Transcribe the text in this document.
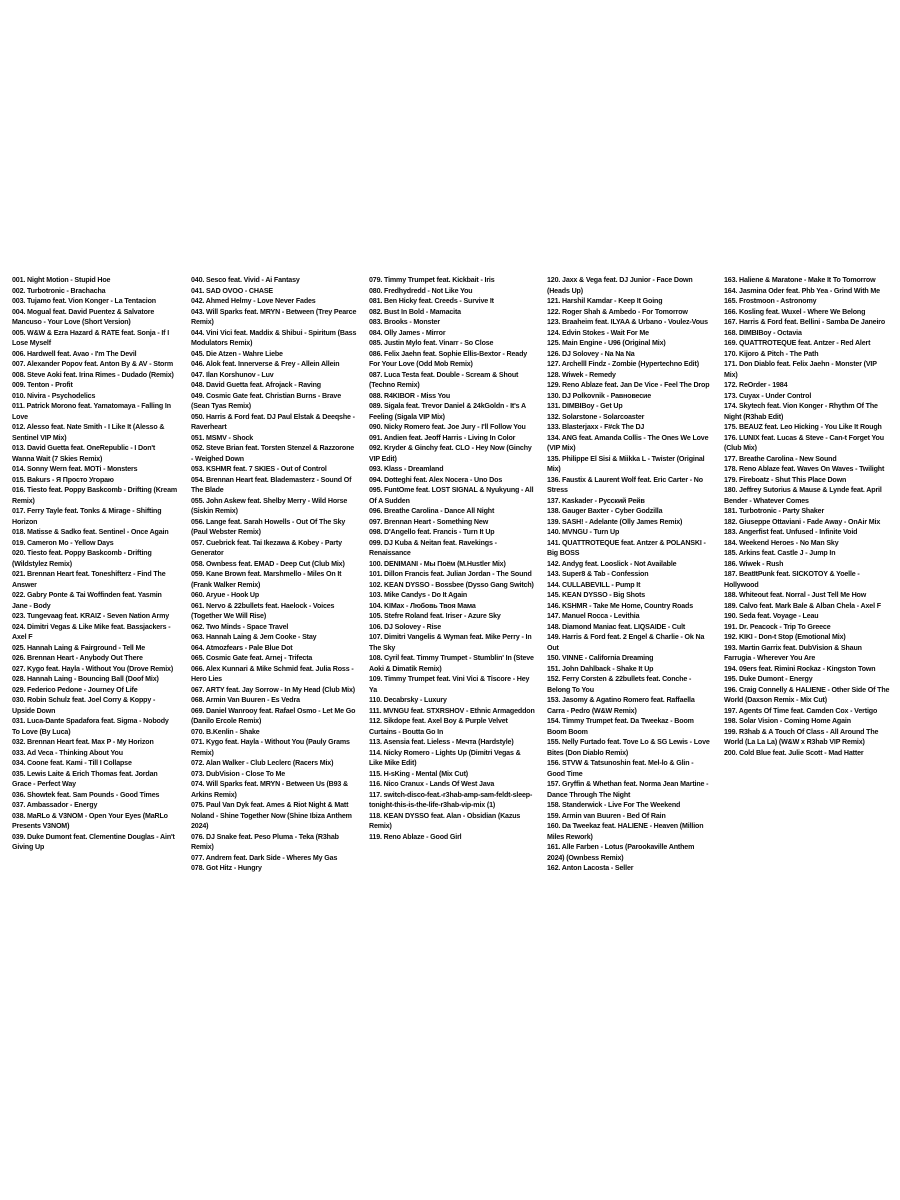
001. Night Motion - Stupid Hoe

002. Turbotronic - Brachacha

003. Tujamo feat. Vion Konger - La Tentacion

004. Mogual feat. David Puentez & Salvatore Mancuso - Your Love (Short Version)

005. W&W & Ezra Hazard & RATE feat. Sonja - If I Lose Myself

006. Hardwell feat. Avao - I'm The Devil

007. Alexander Popov feat. Anton By & AV - Storm

008. Steve Aoki feat. Irina Rimes - Dudado (Remix)

009. Tenton - Profit

010. Nivira - Psychodelics

011. Patrick Morono feat. Yamatomaya - Falling In Love

012. Alesso feat. Nate Smith - I Like It (Alesso & Sentinel VIP Mix)

013. David Guetta feat. OneRepublic - I Don't Wanna Wait (7 Skies Remix)

014. Sonny Wern feat. MOTi - Monsters

015. Bakurs - Я Просто Угораю

016. Tiesto feat. Poppy Baskcomb - Drifting (Kream Remix)

017. Ferry Tayle feat. Tonks & Mirage - Shifting Horizon

018. Matisse & Sadko feat. Sentinel - Once Again

019. Cameron Mo - Yellow Days

020. Tiesto feat. Poppy Baskcomb - Drifting (Wildstylez Remix)

021. Brennan Heart feat. Toneshifterz - Find The Answer

022. Gabry Ponte & Tai Woffinden feat. Yasmin Jane - Body

023. Tungevaag feat. KRAIZ - Seven Nation Army

024. Dimitri Vegas & Like Mike feat. Bassjackers - Axel F

025. Hannah Laing & Fairground - Tell Me

026. Brennan Heart - Anybody Out There

027. Kygo feat. Hayla - Without You (Drove Remix)

028. Hannah Laing - Bouncing Ball (Doof Mix)

029. Federico Pedone - Journey Of Life

030. Robin Schulz feat. Joel Corry & Koppy - Upside Down

031. Luca-Dante Spadafora feat. Sigma - Nobody To Love (By Luca)

032. Brennan Heart feat. Max P - My Horizon

033. Ad Veca - Thinking About You

034. Coone feat. Kami - Till I Collapse

035. Lewis Laite & Erich Thomas feat. Jordan Grace - Perfect Way

036. Showtek feat. Sam Pounds - Good Times

037. Ambassador - Energy

038. MaRLo & V3NOM - Open Your Eyes (MaRLo Presents V3NOM)

039. Duke Dumont feat. Clementine Douglas - Ain't Giving Up

040. Sesco feat. Vivid - Ai Fantasy

041. SAD OVOO - CHASE

042. Ahmed Helmy - Love Never Fades

043. Will Sparks feat. MRYN - Between (Trey Pearce Remix)

044. Vini Vici feat. Maddix & Shibui - Spiritum (Bass Modulators Remix)

045. Die Atzen - Wahre Liebe

046. Alok feat. Innerverse & Frey - Allein Allein

047. Ilan Korshunov - Luv

048. David Guetta feat. Afrojack - Raving

049. Cosmic Gate feat. Christian Burns - Brave (Sean Tyas Remix)

050. Harris & Ford feat. DJ Paul Elstak & Deeqshe - Raverheart

051. MSMV - Shock

052. Steve Brian feat. Torsten Stenzel & Razzorone - Weighed Down

053. KSHMR feat. 7 SKIES - Out of Control

054. Brennan Heart feat. Blademasterz - Sound Of The Blade

055. John Askew feat. Shelby Merry - Wild Horse (Siskin Remix)

056. Lange feat. Sarah Howells - Out Of The Sky (Paul Webster Remix)

057. Cuebrick feat. Tai Ikezawa & Kobey - Party Generator

058. Ownbess feat. EMAD - Deep Cut (Club Mix)

059. Kane Brown feat. Marshmello - Miles On It (Frank Walker Remix)

060. Aryue - Hook Up

061. Nervo & 22bullets feat. Haelock - Voices (Together We Will Rise)

062. Two Minds - Space Travel

063. Hannah Laing & Jem Cooke - Stay

064. Atmozfears - Pale Blue Dot

065. Cosmic Gate feat. Arnej - Trifecta

066. Alex Kunnari & Mike Schmid feat. Julia Ross - Hero Lies

067. ARTY feat. Jay Sorrow - In My Head (Club Mix)

068. Armin Van Buuren - Es Vedra

069. Daniel Wanrooy feat. Rafael Osmo - Let Me Go (Danilo Ercole Remix)

070. B.Kenlin - Shake

071. Kygo feat. Hayla - Without You (Pauly Grams Remix)

072. Alan Walker - Club Leclerc (Racers Mix)

073. DubVision - Close To Me

074. Will Sparks feat. MRYN - Between Us (B93 & Arkins Remix)

075. Paul Van Dyk feat. Ames & Riot Night & Matt Noland - Shine Together Now (Shine Ibiza Anthem 2024)

076. DJ Snake feat. Peso Pluma - Teka (R3hab Remix)

077. Andrem feat. Dark Side - Wheres My Gas

078. Got Hitz - Hungry

079. Timmy Trumpet feat. Kickbait - Iris

080. Fredhydredd - Not Like You

081. Ben Hicky feat. Creeds - Survive It

082. Bust In Bold - Mamacita

083. Brooks - Monster

084. Olly James - Mirror

085. Justin Mylo feat. Vinarr - So Close

086. Felix Jaehn feat. Sophie Ellis-Bextor - Ready For Your Love (Odd Mob Remix)

087. Luca Testa feat. Double - Scream & Shout (Techno Remix)

088. R4KIBOR - Miss You

089. Sigala feat. Trevor Daniel & 24kGoldn - It's A Feeling (Sigala VIP Mix)

090. Nicky Romero feat. Joe Jury - I'll Follow You

091. Andien feat. Jeoff Harris - Living In Color

092. Kryder & Ginchy feat. CLO - Hey Now (Ginchy VIP Edit)

093. Klass - Dreamland

094. Dotteghi feat. Alex Nocera - Uno Dos

095. FuntOme feat. LOST SIGNAL & Nyukyung - All Of A Sudden

096. Breathe Carolina - Dance All Night

097. Brennan Heart - Something New

098. D'Angello feat. Francis - Turn It Up

099. DJ Kuba & Neitan feat. Ravekings - Renaissance

100. DENIMANI - Мы Поём (M.Hustler Mix)

101. Dillon Francis feat. Julian Jordan - The Sound

102. KEAN DYSSO - Bossbee (Dysso Gang Switch)

103. Mike Candys - Do It Again

104. KIMax - Любовь Твоя Мама

105. Stefre Roland feat. Iriser - Azure Sky

106. DJ Solovey - Rise

107. Dimitri Vangelis & Wyman feat. Mike Perry - In The Sky

108. Cyril feat. Timmy Trumpet - Stumblin' In (Steve Aoki & Dimatik Remix)

109. Timmy Trumpet feat. Vini Vici & Tiscore - Hey Ya

110. Decabrsky - Luxury

111. MVNGU feat. STXRSHOV - Ethnic Armageddon

112. Sikdope feat. Axel Boy & Purple Velvet Curtains - Boutta Go In

113. Asensia feat. Lieless - Мечта (Hardstyle)

114. Nicky Romero - Lights Up (Dimitri Vegas & Like Mike Edit)

115. H-sKing - Mental (Mix Cut)

116. Nico Cranux - Lands Of West Java

117. switch-disco-feat.-r3hab-amp-sam-feldt-sleep-tonight-this-is-the-life-r3hab-vip-mix (1)

118. KEAN DYSSO feat. Alan - Obsidian (Kazus Remix)

119. Reno Ablaze - Good Girl

120. Jaxx & Vega feat. DJ Junior - Face Down (Heads Up)

121. Harshil Kamdar - Keep It Going

122. Roger Shah & Ambedo - For Tomorrow

123. Braaheim feat. ILYAA & Urbano - Voulez-Vous

124. Edvin Stokes - Wait For Me

125. Main Engine - U96 (Original Mix)

126. DJ Solovey - Na Na Na

127. Archelll Findz - Zombie (Hypertechno Edit)

128. Wiwek - Remedy

129. Reno Ablaze feat. Jan De Vice - Feel The Drop

130. DJ Polkovnik - Равновесие

131. DIMBIBoy - Get Up

132. Solarstone - Solarcoaster

133. Blasterjaxx - F#ck The DJ

134. ANG feat. Amanda Collis - The Ones We Love (VIP Mix)

135. Philippe El Sisi & Miikka L - Twister (Original Mix)

136. Faustix & Laurent Wolf feat. Eric Carter - No Stress

137. Kaskader - Русский Рейв

138. Gauger Baxter - Cyber Godzilla

139. SASH! - Adelante (Olly James Remix)

140. MVNGU - Turn Up

141. QUATTROTEQUE feat. Antzer & POLANSKI - Big BOSS

142. Andyg feat. Looslick - Not Available

143. Super8 & Tab - Confession

144. CULLABEVILL - Pump It

145. KEAN DYSSO - Big Shots

146. KSHMR - Take Me Home, Country Roads

147. Manuel Rocca - Levithia

148. Diamond Maniac feat. LIQSAIDE - Cult

149. Harris & Ford feat. 2 Engel & Charlie - Ok Na Out

150. VINNE - California Dreaming

151. John Dahlback - Shake It Up

152. Ferry Corsten & 22bullets feat. Conche - Belong To You

153. Jasomy & Agatino Romero feat. Raffaella Carra - Pedro (W&W Remix)

154. Timmy Trumpet feat. Da Tweekaz - Boom Boom Boom

155. Nelly Furtado feat. Tove Lo & SG Lewis - Love Bites (Don Diablo Remix)

156. STVW & Tatsunoshin feat. Mel-lo & Glin - Good Time

157. Gryffin & Whethan feat. Norma Jean Martine - Dance Through The Night

158. Standerwick - Live For The Weekend

159. Armin van Buuren - Bed Of Rain

160. Da Tweekaz feat. HALIENE - Heaven (Million Miles Rework)

161. Alle Farben - Lotus (Parookaville Anthem 2024) (Ownbess Remix)

162. Anton Lacosta - Seller

163. Haliene & Maratone - Make It To Tomorrow

164. Jasmina Oder feat. Phb Yea - Grind With Me

165. Frostmoon - Astronomy

166. Kosling feat. Wuxel - Where We Belong

167. Harris & Ford feat. Bellini - Samba De Janeiro

168. DIMBIBoy - Octavia

169. QUATTROTEQUE feat. Antzer - Red Alert

170. Kijoro & Pitch - The Path

171. Don Diablo feat. Felix Jaehn - Monster (VIP Mix)

172. ReOrder - 1984

173. Cuyax - Under Control

174. Skytech feat. Vion Konger - Rhythm Of The Night (R3hab Edit)

175. BEAUZ feat. Leo Hicking - You Like It Rough

176. LUNIX feat. Lucas & Steve - Can-t Forget You (Club Mix)

177. Breathe Carolina - New Sound

178. Reno Ablaze feat. Waves On Waves - Twilight

179. Fireboatz - Shut This Place Down

180. Jeffrey Sutorius & Mause & Lynde feat. April Bender - Whatever Comes

181. Turbotronic - Party Shaker

182. Giuseppe Ottaviani - Fade Away - OnAir Mix

183. Angerfist feat. Unfused - Infinite Void

184. Weekend Heroes - No Man Sky

185. Arkins feat. Castle J - Jump In

186. Wiwek - Rush

187. BeatItPunk feat. SICKOTOY & Yoelle - Hollywood

188. Whiteout feat. Norral - Just Tell Me How

189. Calvo feat. Mark Bale & Alban Chela - Axel F

190. Seda feat. Voyage - Leau

191. Dr. Peacock - Trip To Greece

192. KIKI - Don-t Stop (Emotional Mix)

193. Martin Garrix feat. DubVision & Shaun Farrugia - Wherever You Are

194. 09ers feat. Rimini Rockaz - Kingston Town

195. Duke Dumont - Energy

196. Craig Connelly & HALIENE - Other Side Of The World (Daxson Remix - Mix Cut)

197. Agents Of Time feat. Camden Cox - Vertigo

198. Solar Vision - Coming Home Again

199. R3hab & A Touch Of Class - All Around The World (La La La) (W&W x R3hab VIP Remix)

200. Cold Blue feat. Julie Scott - Mad Hatter
